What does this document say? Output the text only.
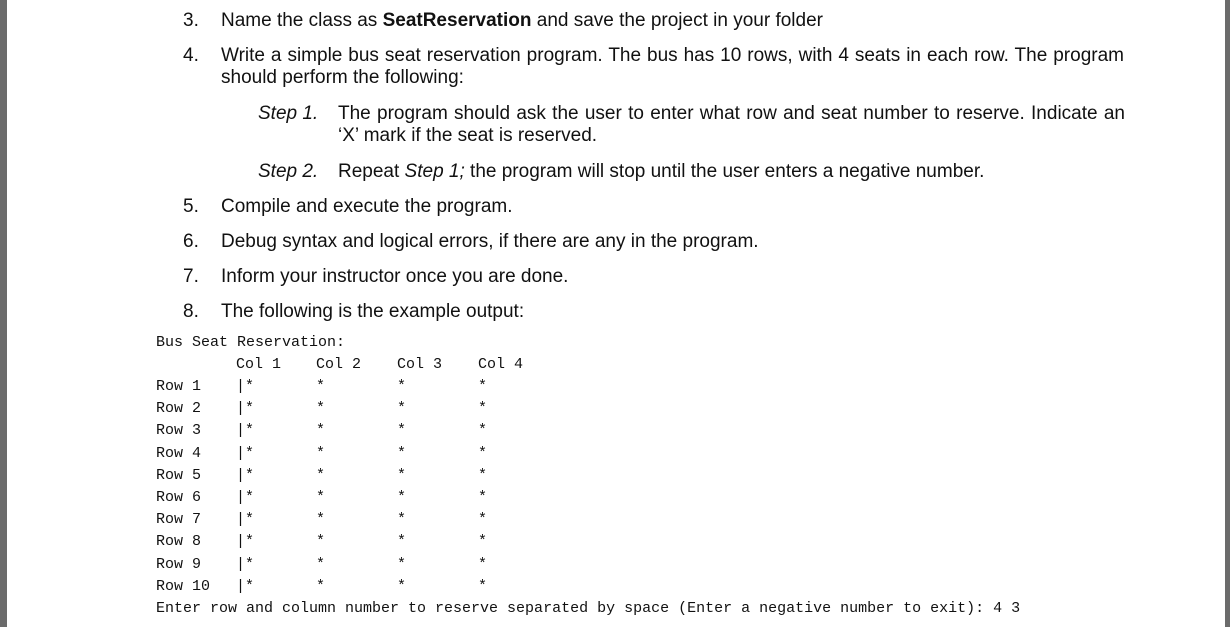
3.	Name the class as SeatReservation and save the project in your folder
4.	Write a simple bus seat reservation program. The bus has 10 rows, with 4 seats in each row. The program should perform the following:
Step 1. The program should ask the user to enter what row and seat number to reserve. Indicate an ‘X’ mark if the seat is reserved.
Step 2. Repeat Step 1; the program will stop until the user enters a negative number.
5.	Compile and execute the program.
6.	Debug syntax and logical errors, if there are any in the program.
7.	Inform your instructor once you are done.
8.	The following is the example output:
Bus Seat Reservation:
Col 1 Col 2 Col 3 Col 4
Row 1 |*	*	*	*
Row 2 |*	*	*	*
Row 3 |*	*	*	*
Row 4 |*	*	*	*
Row 5 |*	*	*	*
Row 6 |*	*	*	*
Row 7 |*	*	*	*
Row 8 |*	*	*	*
Row 9 |*	*	*	*
Row 10 |*	*	*	*
Enter row and column number to reserve separated by space (Enter a negative number to exit): 4 3
